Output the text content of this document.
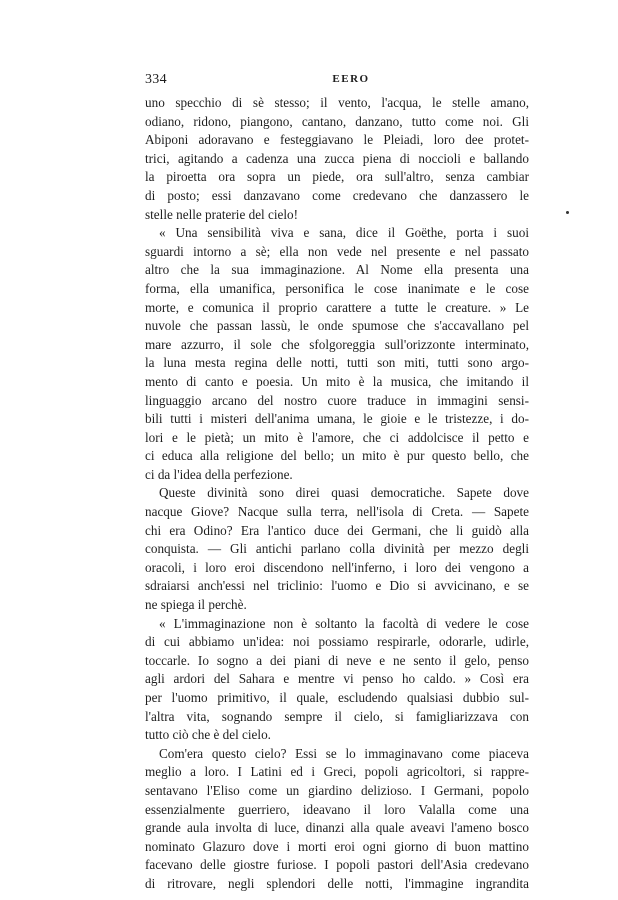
334	EERO
uno specchio di sè stesso; il vento, l'acqua, le stelle amano,
odiano, ridono, piangono, cantano, danzano, tutto come noi. Gli
Abiponi adoravano e festeggiavano le Pleiadi, loro dee protet-
trici, agitando a cadenza una zucca piena di noccioli e ballando
la piroetta ora sopra un piede, ora sull'altro, senza cambiar
di posto; essi danzavano come credevano che danzassero le
stelle nelle praterie del cielo!
« Una sensibilità viva e sana, dice il Goëthe, porta i suoi
sguardi intorno a sè; ella non vede nel presente e nel passato
altro che la sua immaginazione. Al Nome ella presenta una
forma, ella umanifica, personifica le cose inanimate e le cose
morte, e comunica il proprio carattere a tutte le creature. » Le
nuvole che passan lassù, le onde spumose che s'accavallano pel
mare azzurro, il sole che sfolgoreggia sull'orizzonte interminato,
la luna mesta regina delle notti, tutti son miti, tutti sono argo-
mento di canto e poesia. Un mito è la musica, che imitando il
linguaggio arcano del nostro cuore traduce in immagini sensi-
bili tutti i misteri dell'anima umana, le gioie e le tristezze, i do-
lori e le pietà; un mito è l'amore, che ci addolcisce il petto e
ci educa alla religione del bello; un mito è pur questo bello, che
ci da l'idea della perfezione.
Queste divinità sono direi quasi democratiche. Sapete dove
nacque Giove? Nacque sulla terra, nell'isola di Creta. — Sapete
chi era Odino? Era l'antico duce dei Germani, che li guidò alla
conquista. — Gli antichi parlano colla divinità per mezzo degli
oracoli, i loro eroi discendono nell'inferno, i loro dei vengono a
sdraiarsi anch'essi nel triclinio: l'uomo e Dio si avvicinano, e se
ne spiega il perchè.
« L'immaginazione non è soltanto la facoltà di vedere le cose
di cui abbiamo un'idea: noi possiamo respirarle, odorarle, udirle,
toccarle. Io sogno a dei piani di neve e ne sento il gelo, penso
agli ardori del Sahara e mentre vi penso ho caldo. » Così era
per l'uomo primitivo, il quale, escludendo qualsiasi dubbio sul-
l'altra vita, sognando sempre il cielo, si famigliarizzava con
tutto ciò che è del cielo.
Com'era questo cielo? Essi se lo immaginavano come piaceva
meglio a loro. I Latini ed i Greci, popoli agricoltori, si rappre-
sentavano l'Eliso come un giardino delizioso. I Germani, popolo
essenzialmente guerriero, ideavano il loro Valalla come una
grande aula involta di luce, dinanzi alla quale aveavi l'ameno bosco
nominato Glazuro dove i morti eroi ogni giorno di buon mattino
facevano delle giostre furiose. I popoli pastori dell'Asia credevano
di ritrovare, negli splendori delle notti, l'immagine ingrandita
